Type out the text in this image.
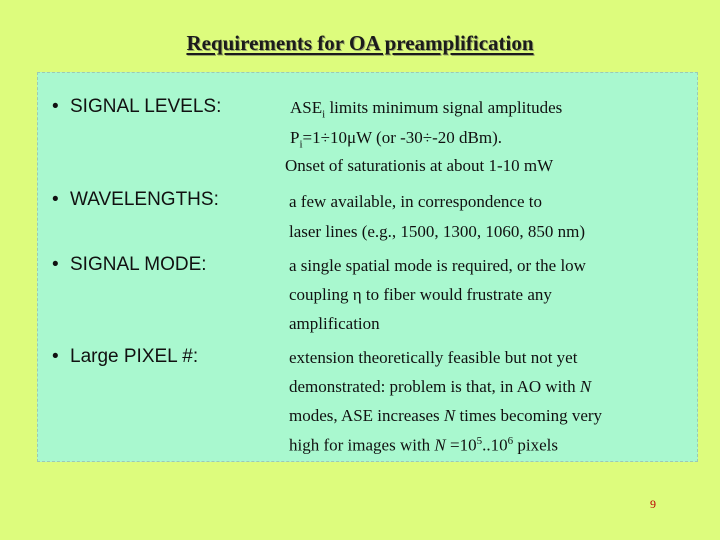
Requirements for OA preamplification
• SIGNAL LEVELS:	$ASE_i$ limits minimum signal amplitudes
$P_i=1\div 10\mu W$ (or -30÷-20 dBm).
Onset of saturationis at about 1-10 mW
• WAVELENGTHS:	a few available, in correspondence to
laser lines (e.g., 1500, 1300, 1060, 850 nm)
• SIGNAL MODE:	a single spatial mode is required, or the low
coupling η to fiber would frustrate any
amplification
• Large PIXEL #:	extension theoretically feasible but not yet
demonstrated: problem is that, in AO with N
modes, ASE increases N times becoming very
high for images with $N =10^5..10^6$ pixels
9
